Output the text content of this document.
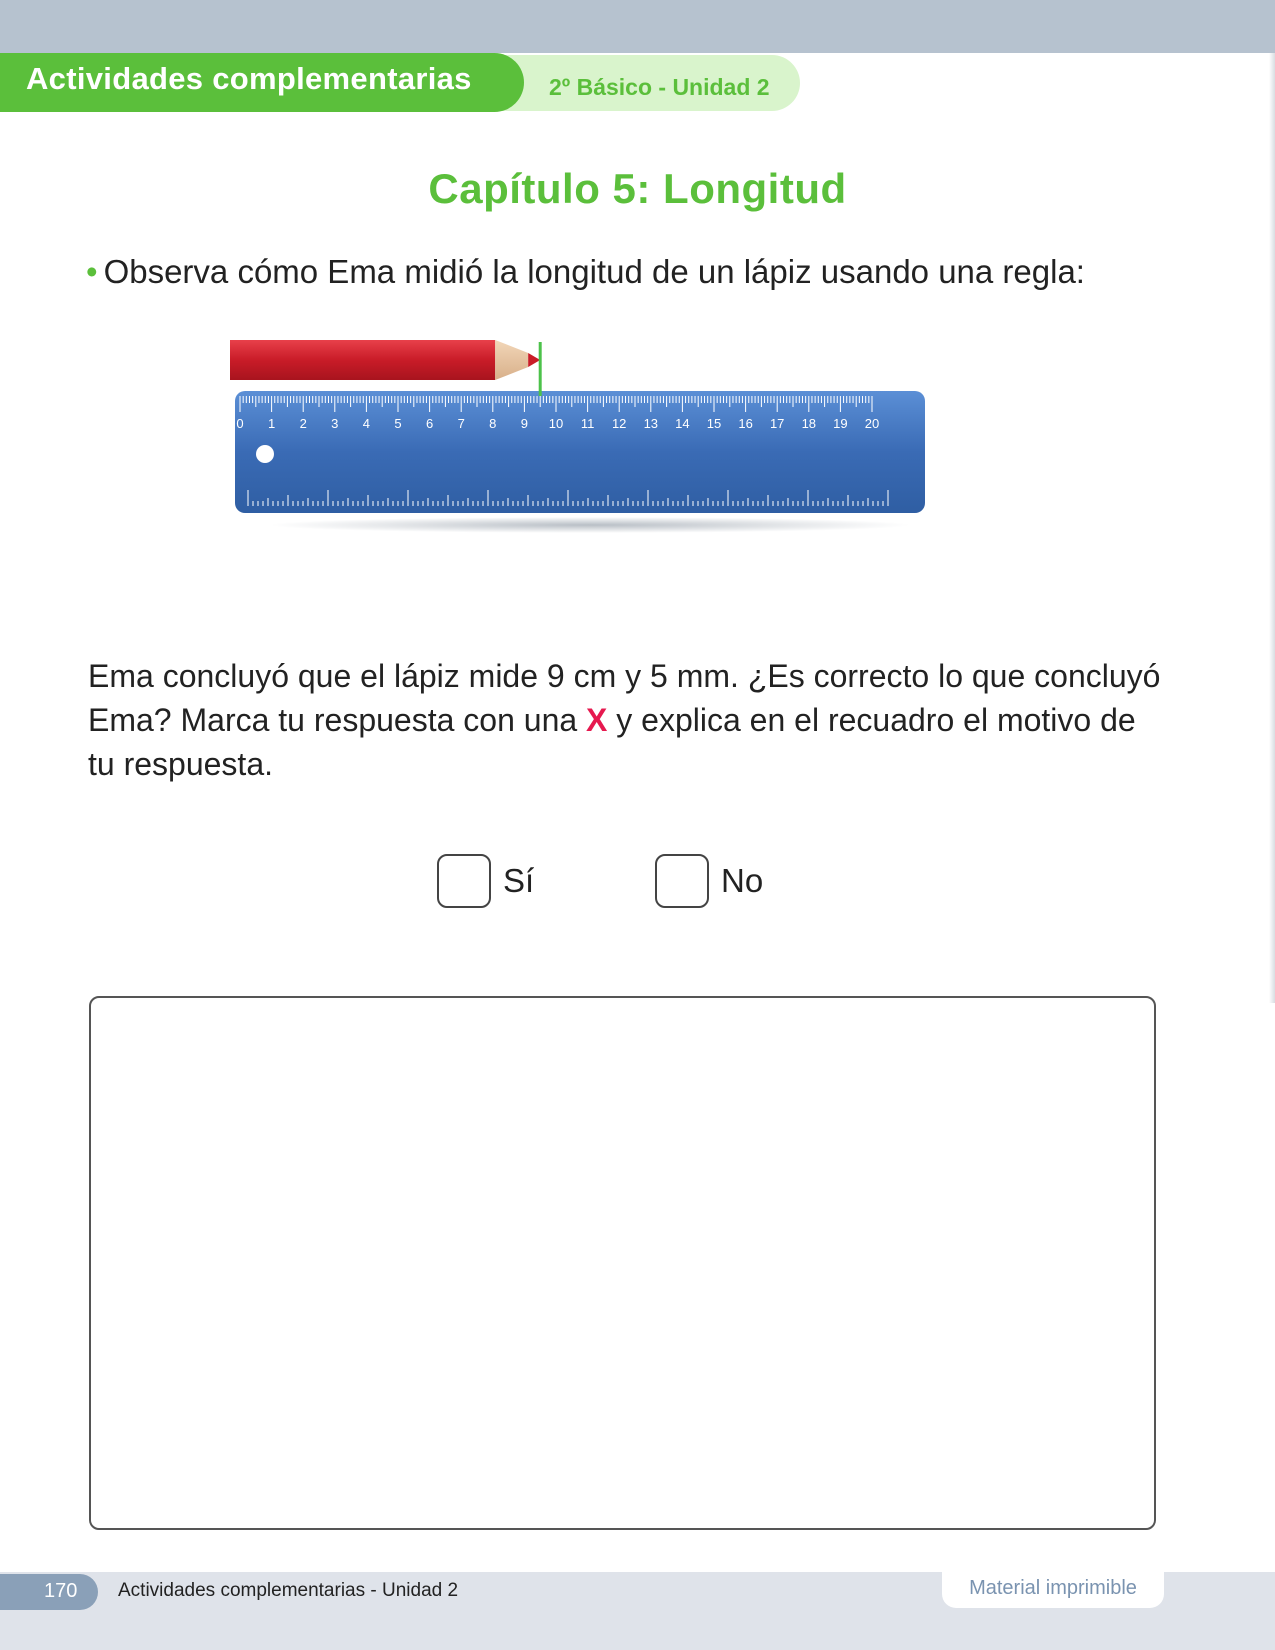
Actividades complementarias	2º Básico - Unidad 2
Capítulo 5: Longitud
• Observa cómo Ema midió la longitud de un lápiz usando una regla:
0 1 2 3 4 5 6 7 8 9 10 11 12 13 14 15 16 17 18 19 20
Ema concluyó que el lápiz mide 9 cm y 5 mm. ¿Es correcto lo que concluyó Ema? Marca tu respuesta con una X y explica en el recuadro el motivo de tu respuesta.
Sí	No
170 Actividades complementarias - Unidad 2	Material imprimible
